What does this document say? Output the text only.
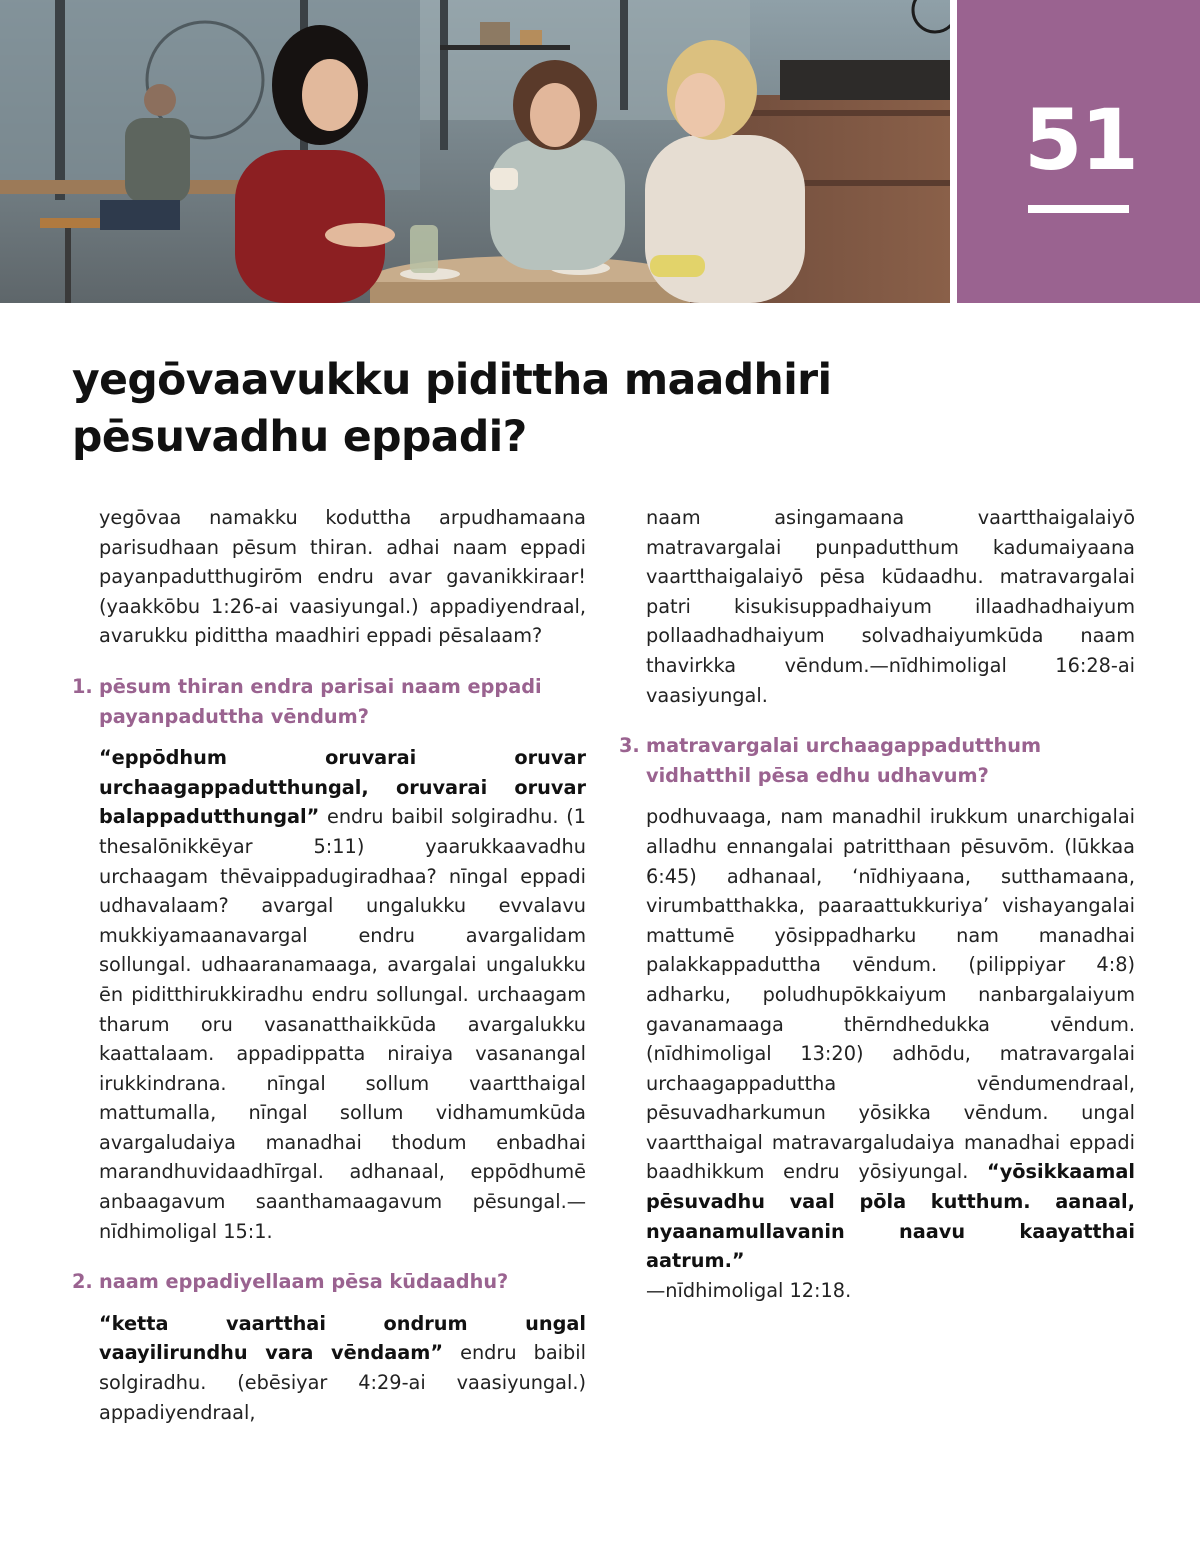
51
yegōvaavukku pidittha maadhiri
pēsuvadhu eppadi?

yegōvaa namakku koduttha arpudhamaana parisudhaan pēsum thiran. adhai naam eppadi payanpadutthugirōm endru avar gavanikkiraar! (yaakkōbu 1:26-ai vaasiyungal.) appadiyendraal, avarukku pidittha maadhiri eppadi pēsalaam?

1. pēsum thiran endra parisai naam eppadi payanpaduttha vēndum?

“eppōdhum oruvarai oruvar urchaagappadutthungal, oruvarai oruvar balappadutthungal” endru baibil solgiradhu. (1 thesalōnikkēyar 5:11) yaarukkaavadhu urchaagam thēvaippadugiradhaa? nīngal eppadi udhavalaam? avargal ungalukku evvalavu mukkiyamaanavargal endru avargalidam sollungal. udhaaranamaaga, avargalai ungalukku ēn piditthirukkiradhu endru sollungal. urchaagam tharum oru vasanatthaikkūda avargalukku kaattalaam. appadippatta niraiya vasanangal irukkindrana. nīngal sollum vaartthaigal mattumalla, nīngal sollum vidhamumkūda avargaludaiya manadhai thodum enbadhai marandhuvidaadhīrgal. adhanaal, eppōdhumē anbaagavum saanthamaagavum pēsungal.—nīdhimoligal 15:1.

2. naam eppadiyellaam pēsa kūdaadhu?

“ketta vaartthai ondrum ungal vaayilirundhu vara vēndaam” endru baibil solgiradhu. (ebēsiyar 4:29-ai vaasiyungal.) appadiyendraal,

naam asingamaana vaartthaigalaiyō matravargalai punpadutthum kadumaiyaana vaartthaigalaiyō pēsa kūdaadhu. matravargalai patri kisukisuppadhaiyum illaadhadhaiyum pollaadhadhaiyum solvadhaiyumkūda naam thavirkka vēndum.—nīdhimoligal 16:28-ai vaasiyungal.

3. matravargalai urchaagappadutthum vidhatthil pēsa edhu udhavum?

podhuvaaga, nam manadhil irukkum unarchigalai alladhu ennangalai patritthaan pēsuvōm. (lūkkaa 6:45) adhanaal, ‘nīdhiyaana, sutthamaana, virumbatthakka, paaraattukkuriya’ vishayangalai mattumē yōsippadharku nam manadhai palakkappaduttha vēndum. (pilippiyar 4:8) adharku, poludhupōkkaiyum nanbargalaiyum gavanamaaga thērndhedukka vēndum. (nīdhimoligal 13:20) adhōdu, matravargalai urchaagappaduttha vēndumendraal, pēsuvadharkumun yōsikka vēndum. ungal vaartthaigal matravargaludaiya manadhai eppadi baadhikkum endru yōsiyungal. “yōsikkaamal pēsuvadhu vaal pōla kutthum. aanaal, nyaanamullavanin naavu kaayatthai aatrum.”
—nīdhimoligal 12:18.
